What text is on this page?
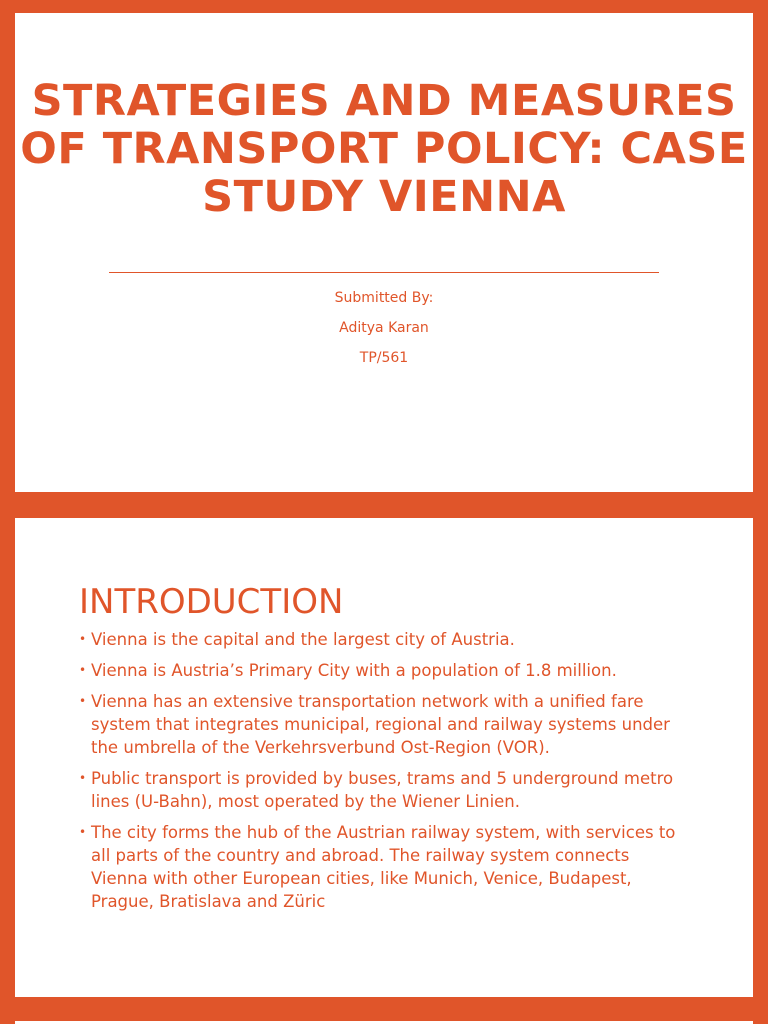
STRATEGIES AND MEASURES OF TRANSPORT POLICY: CASE STUDY VIENNA
Submitted By:
Aditya Karan
TP/561
INTRODUCTION
• Vienna is the capital and the largest city of Austria.
• Vienna is Austria’s Primary City with a population of 1.8 million.
• Vienna has an extensive transportation network with a unified fare system that integrates municipal, regional and railway systems under the umbrella of the Verkehrsverbund Ost-Region (VOR).
• Public transport is provided by buses, trams and 5 underground metro lines (U-Bahn), most operated by the Wiener Linien.
• The city forms the hub of the Austrian railway system, with services to all parts of the country and abroad. The railway system connects Vienna with other European cities, like Munich, Venice, Budapest, Prague, Bratislava and Züric
